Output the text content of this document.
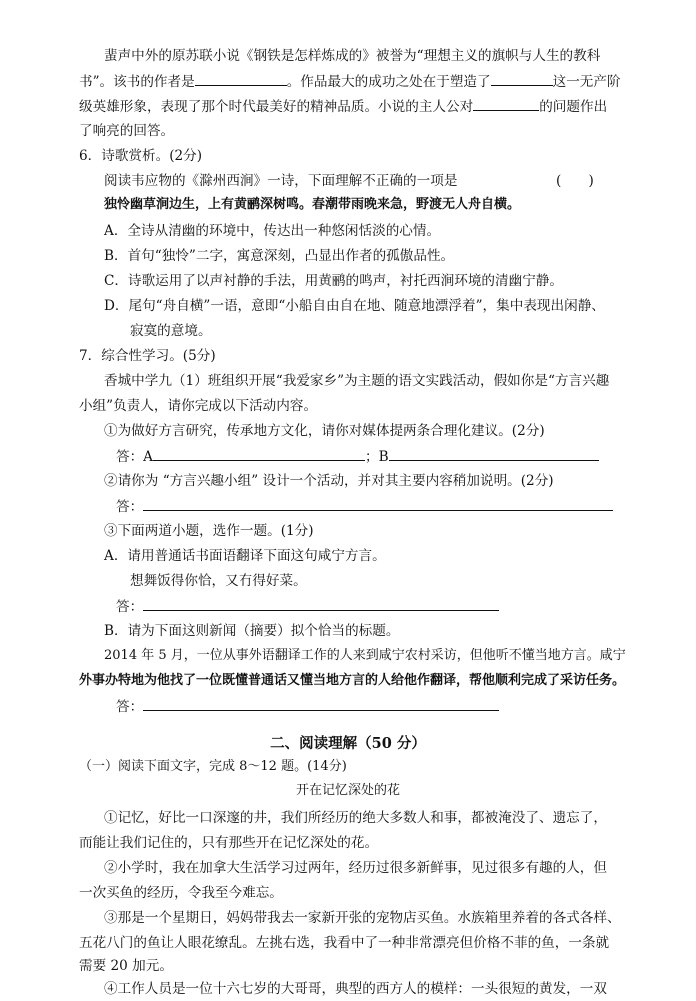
蜚声中外的原苏联小说《钢铁是怎样炼成的》被誉为“理想主义的旗帜与人生的教科
书”。该书的作者是	。作品最大的成功之处在于塑造了	这一无产阶
级英雄形象，表现了那个时代最美好的精神品质。小说的主人公对	的问题作出
了响亮的回答。
6．诗歌赏析。(2分)
阅读韦应物的《滁州西涧》一诗，下面理解不正确的一项是	(　　)
独怜幽草涧边生，上有黄鹂深树鸣。春潮带雨晚来急，野渡无人舟自横。
A．全诗从清幽的环境中，传达出一种悠闲恬淡的心情。
B．首句“独怜”二字，寓意深刻，凸显出作者的孤傲品性。
C．诗歌运用了以声衬静的手法，用黄鹂的鸣声，衬托西涧环境的清幽宁静。
D．尾句“舟自横”一语，意即“小船自由自在地、随意地漂浮着”，集中表现出闲静、
寂寞的意境。
7．综合性学习。(5分)
香城中学九（1）班组织开展“我爱家乡”为主题的语文实践活动，假如你是“方言兴趣
小组”负责人，请你完成以下活动内容。
①为做好方言研究，传承地方文化，请你对媒体提两条合理化建议。(2分)
答：A	；B
②请你为 “方言兴趣小组” 设计一个活动，并对其主要内容稍加说明。(2分)
答：
③下面两道小题，选作一题。(1分)
A．请用普通话书面语翻译下面这句咸宁方言。
想舞饭得你恰，又冇得好菜。
答：
B．请为下面这则新闻（摘要）拟个恰当的标题。
2014 年 5 月，一位从事外语翻译工作的人来到咸宁农村采访，但他听不懂当地方言。咸宁
外事办特地为他找了一位既懂普通话又懂当地方言的人给他作翻译，帮他顺利完成了采访任务。
答：
二、阅读理解（50 分）
（一）阅读下面文字，完成 8～12 题。(14分)
开在记忆深处的花
①记忆，好比一口深邃的井，我们所经历的绝大多数人和事，都被淹没了、遗忘了，
而能让我们记住的，只有那些开在记忆深处的花。
②小学时，我在加拿大生活学习过两年，经历过很多新鲜事，见过很多有趣的人，但
一次买鱼的经历，令我至今难忘。
③那是一个星期日，妈妈带我去一家新开张的宠物店买鱼。水族箱里养着的各式各样、
五花八门的鱼让人眼花缭乱。左挑右选，我看中了一种非常漂亮但价格不菲的鱼，一条就
需要 20 加元。
④工作人员是一位十六七岁的大哥哥，典型的西方人的模样：一头很短的黄发，一双
